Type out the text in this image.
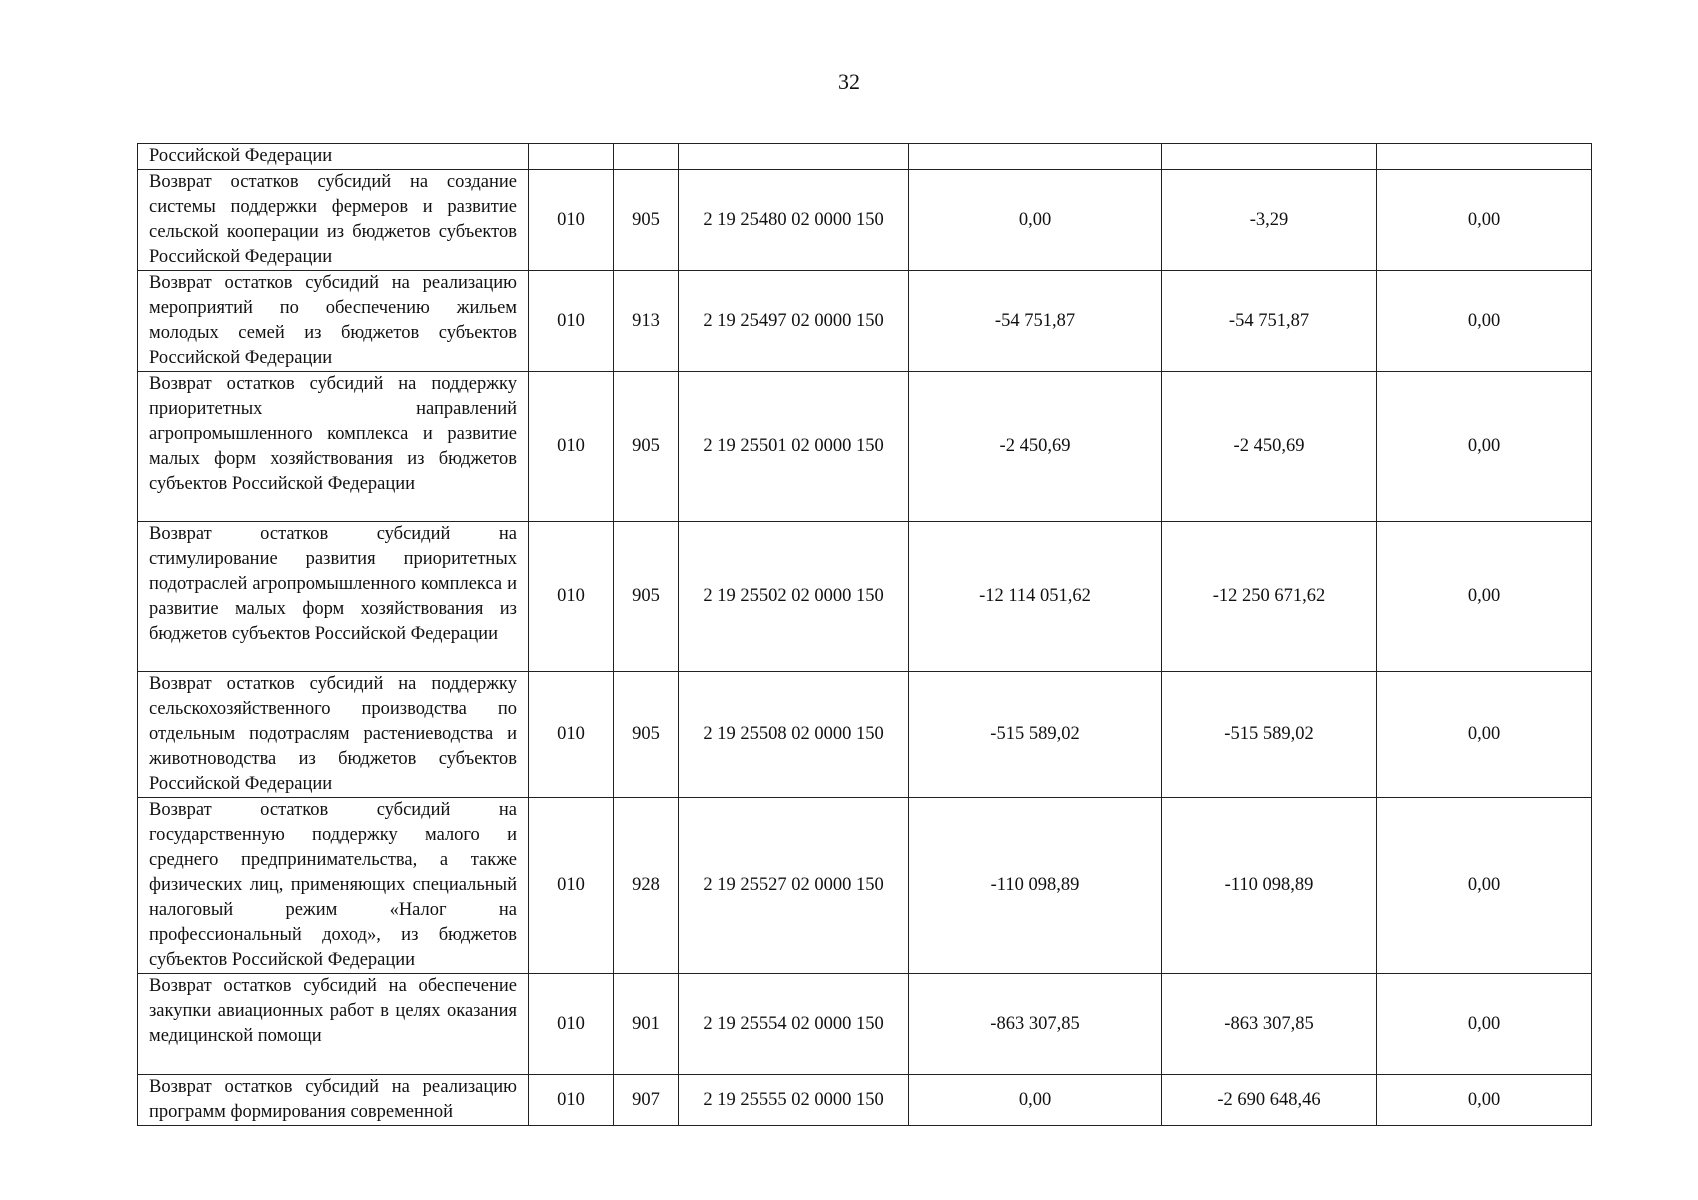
32
Российской Федерации						
Возврат остатков субсидий на создание системы поддержки фермеров и развитие сельской кооперации из бюджетов субъектов Российской Федерации	010	905	2 19 25480 02 0000 150	0,00	-3,29	0,00
Возврат остатков субсидий на реализацию мероприятий по обеспечению жильем молодых семей из бюджетов субъектов Российской Федерации	010	913	2 19 25497 02 0000 150	-54 751,87	-54 751,87	0,00
Возврат остатков субсидий на поддержку приоритетных направлений агропромышленного комплекса и развитие малых форм хозяйствования из бюджетов субъектов Российской Федерации	010	905	2 19 25501 02 0000 150	-2 450,69	-2 450,69	0,00
Возврат остатков субсидий на стимулирование развития приоритетных подотраслей агропромышленного комплекса и развитие малых форм хозяйствования из бюджетов субъектов Российской Федерации	010	905	2 19 25502 02 0000 150	-12 114 051,62	-12 250 671,62	0,00
Возврат остатков субсидий на поддержку сельскохозяйственного производства по отдельным подотраслям растениеводства и животноводства из бюджетов субъектов Российской Федерации	010	905	2 19 25508 02 0000 150	-515 589,02	-515 589,02	0,00
Возврат остатков субсидий на государственную поддержку малого и среднего предпринимательства, а также физических лиц, применяющих специальный налоговый режим «Налог на профессиональный доход», из бюджетов субъектов Российской Федерации	010	928	2 19 25527 02 0000 150	-110 098,89	-110 098,89	0,00
Возврат остатков субсидий на обеспечение закупки авиационных работ в целях оказания медицинской помощи	010	901	2 19 25554 02 0000 150	-863 307,85	-863 307,85	0,00
Возврат остатков субсидий на реализацию программ формирования современной	010	907	2 19 25555 02 0000 150	0,00	-2 690 648,46	0,00
